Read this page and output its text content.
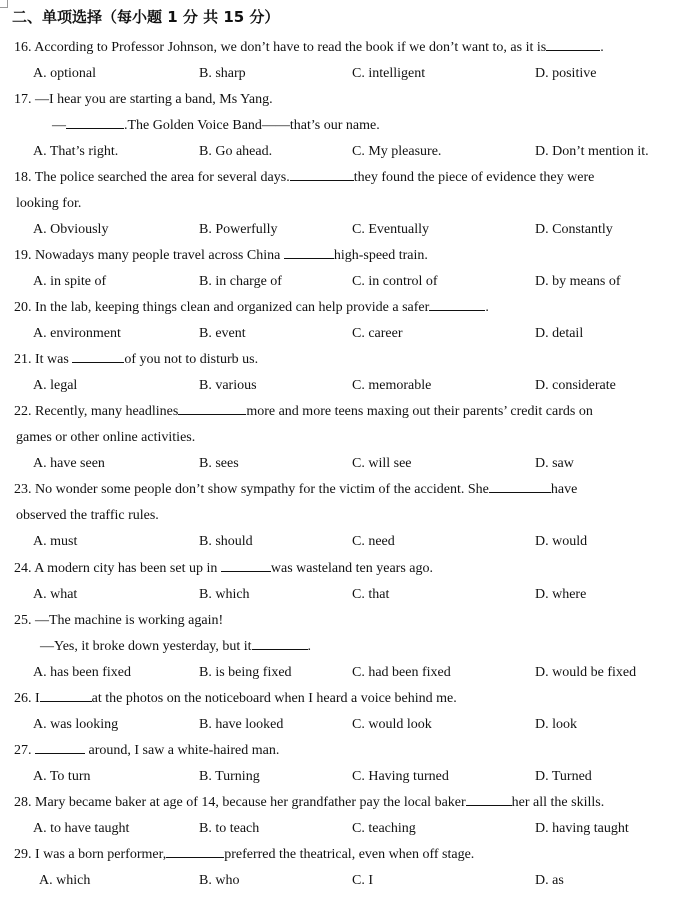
二、单项选择（每小题 1 分 共 15 分）
16. According to Professor Johnson, we don’t have to read the book if we don’t want to, as it is	.
A. optional	B. sharp	C. intelligent	D. positive
17. —I hear you are starting a band, Ms Yang.
—	.The Golden Voice Band——that’s our name.
A. That’s right.	B. Go ahead.	C. My pleasure.	D. Don’t mention it.
18. The police searched the area for several days.	they found the piece of evidence they were
looking for.
A. Obviously	B. Powerfully	C. Eventually	D. Constantly
19. Nowadays many people travel across China	high-speed train.
A. in spite of	B. in charge of	C. in control of	D. by means of
20. In the lab, keeping things clean and organized can help provide a safer	.
A. environment	B. event	C. career	D. detail
21. It was	of you not to disturb us.
A. legal	B. various	C. memorable	D. considerate
22. Recently, many headlines	more and more teens maxing out their parents’ credit cards on
games or other online activities.
A. have seen	B. sees	C. will see	D. saw
23. No wonder some people don’t show sympathy for the victim of the accident. She	have
observed the traffic rules.
A. must	B. should	C. need	D. would
24. A modern city has been set up in	was wasteland ten years ago.
A. what	B. which	C. that	D. where
25. —The machine is working again!
—Yes, it broke down yesterday, but it	.
A. has been fixed	B. is being fixed	C. had been fixed	D. would be fixed
26. I	at the photos on the noticeboard when I heard a voice behind me.
A. was looking	B. have looked	C. would look	D. look
27.	around, I saw a white-haired man.
A. To turn	B. Turning	C. Having turned	D. Turned
28. Mary became baker at age of 14, because her grandfather pay the local baker	her all the skills.
A. to have taught	B. to teach	C. teaching	D. having taught
29. I was a born performer,	preferred the theatrical, even when off stage.
A. which	B. who	C. I	D. as
